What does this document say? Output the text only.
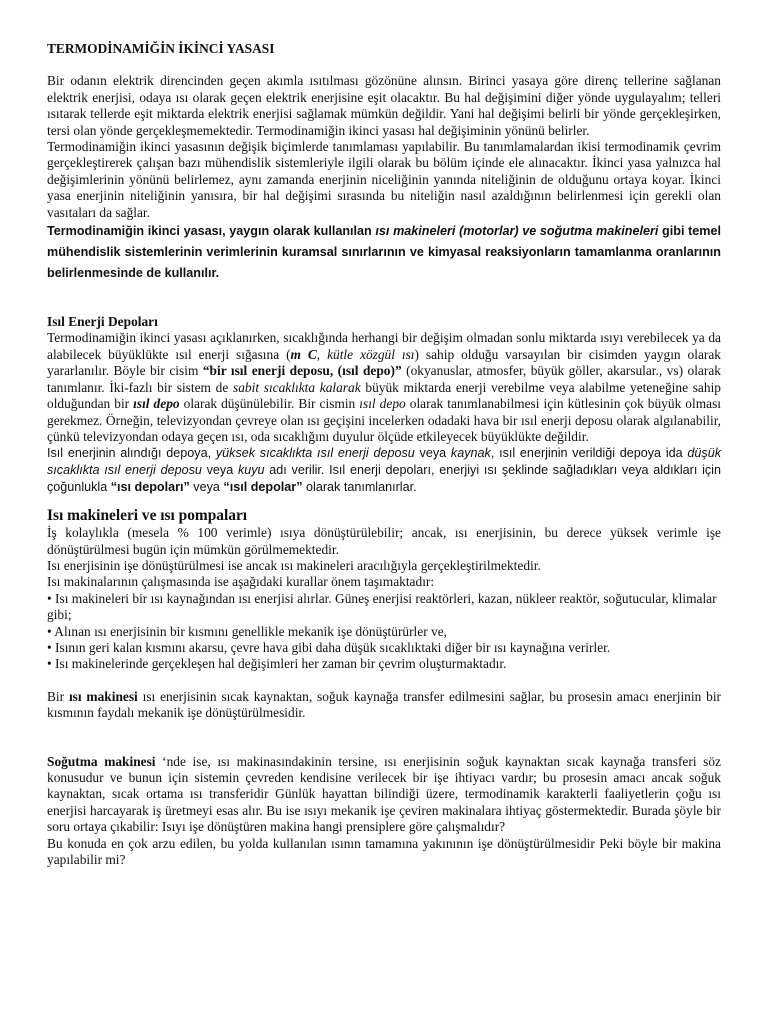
TERMODİNAMİĞİN İKİNCİ YASASI

Bir odanın elektrik direncinden geçen akımla ısıtılması gözönüne alınsın. Birinci yasaya göre direnç tellerine sağlanan elektrik enerjisi, odaya ısı olarak geçen elektrik enerjisine eşit olacaktır. Bu hal değişimini diğer yönde uygulayalım; telleri ısıtarak tellerde eşit miktarda elektrik enerjisi sağlamak mümkün değildir. Yani hal değişimi belirli bir yönde gerçekleşirken, tersi olan yönde gerçekleşmemektedir. Termodinamiğin ikinci yasası hal değişiminin yönünü belirler.

Termodinamiğin ikinci yasasının değişik biçimlerde tanımlaması yapılabilir. Bu tanımlamalardan ikisi termodinamik çevrim gerçekleştirerek çalışan bazı mühendislik sistemleriyle ilgili olarak bu bölüm içinde ele alınacaktır. İkinci yasa yalnızca hal değişimlerinin yönünü belirlemez, aynı zamanda enerjinin niceliğinin yanında niteliğinin de olduğunu ortaya koyar. İkinci yasa enerjinin niteliğinin yanısıra, bir hal değişimi sırasında bu niteliğin nasıl azaldığının belirlenmesi için gerekli olan vasıtaları da sağlar.

Termodinamiğin ikinci yasası, yaygın olarak kullanılan ısı makineleri (motorlar) ve soğutma makineleri gibi temel mühendislik sistemlerinin verimlerinin kuramsal sınırlarının ve kimyasal reaksiyonların tamamlanma oranlarının belirlenmesinde de kullanılır.

Isıl Enerji Depoları

Termodinamiğin ikinci yasası açıklanırken, sıcaklığında herhangi bir değişim olmadan sonlu miktarda ısıyı verebilecek ya da alabilecek büyüklükte ısıl enerji sığasına (m C, kütle xözgül ısı) sahip olduğu varsayılan bir cisimden yaygın olarak yararlanılır. Böyle bir cisim “bir ısıl enerji deposu, (ısıl depo)” (okyanuslar, atmosfer, büyük göller, akarsular., vs) olarak tanımlanır. İki-fazlı bir sistem de sabit sıcaklıkta kalarak büyük miktarda enerji verebilme veya alabilme yeteneğine sahip olduğundan bir ısıl depo olarak düşünülebilir. Bir cismin ısıl depo olarak tanımlanabilmesi için kütlesinin çok büyük olması gerekmez. Örneğin, televizyondan çevreye olan ısı geçişini incelerken odadaki hava bir ısıl enerji deposu olarak algılanabilir, çünkü televizyondan odaya geçen ısı, oda sıcaklığını duyulur ölçüde etkileyecek büyüklükte değildir.

Isıl enerjinin alındığı depoya, yüksek sıcaklıkta ısıl enerji deposu veya kaynak, ısıl enerjinin verildiği depoya ida düşük sıcaklıkta ısıl enerji deposu veya kuyu adı verilir. Isıl enerji depoları, enerjiyi ısı şeklinde sağladıkları veya aldıkları için çoğunlukla “ısı depoları” veya “ısıl depolar” olarak tanımlanırlar.

Isı makineleri ve ısı pompaları

İş kolaylıkla (mesela % 100 verimle) ısıya dönüştürülebilir; ancak, ısı enerjisinin, bu derece yüksek verimle işe dönüştürülmesi bugün için mümkün görülmemektedir.

Isı enerjisinin işe dönüştürülmesi ise ancak ısı makineleri aracılığıyla gerçekleştirilmektedir.

Isı makinalarının çalışmasında ise aşağıdaki kurallar önem taşımaktadır:

• Isı makineleri bir ısı kaynağından ısı enerjisi alırlar. Güneş enerjisi reaktörleri, kazan, nükleer reaktör, soğutucular, klimalar gibi;
• Alınan ısı enerjisinin bir kısmını genellikle mekanik işe dönüştürürler ve,
• Isının geri kalan kısmını akarsu, çevre hava gibi daha düşük sıcaklıktaki diğer bir ısı kaynağına verirler.
• Isı makinelerinde gerçekleşen hal değişimleri her zaman bir çevrim oluşturmaktadır.

Bir ısı makinesi ısı enerjisinin sıcak kaynaktan, soğuk kaynağa transfer edilmesini sağlar, bu prosesin amacı enerjinin bir kısmının faydalı mekanik işe dönüştürülmesidir.

Soğutma makinesi ‘nde ise, ısı makinasındakinin tersine, ısı enerjisinin soğuk kaynaktan sıcak kaynağa transferi söz konusudur ve bunun için sistemin çevreden kendisine verilecek bir işe ihtiyacı vardır; bu prosesin amacı ancak soğuk kaynaktan, sıcak ortama ısı transferidir Günlük hayattan bilindiği üzere, termodinamik karakterli faaliyetlerin çoğu ısı enerjisi harcayarak iş üretmeyi esas alır. Bu ise ısıyı mekanik işe çeviren makinalara ihtiyaç göstermektedir. Burada şöyle bir soru ortaya çıkabilir: Isıyı işe dönüştüren makina hangi prensiplere göre çalışmalıdır?

Bu konuda en çok arzu edilen, bu yolda kullanılan ısının tamamına yakınının işe dönüştürülmesidir Peki böyle bir makina yapılabilir mi?
